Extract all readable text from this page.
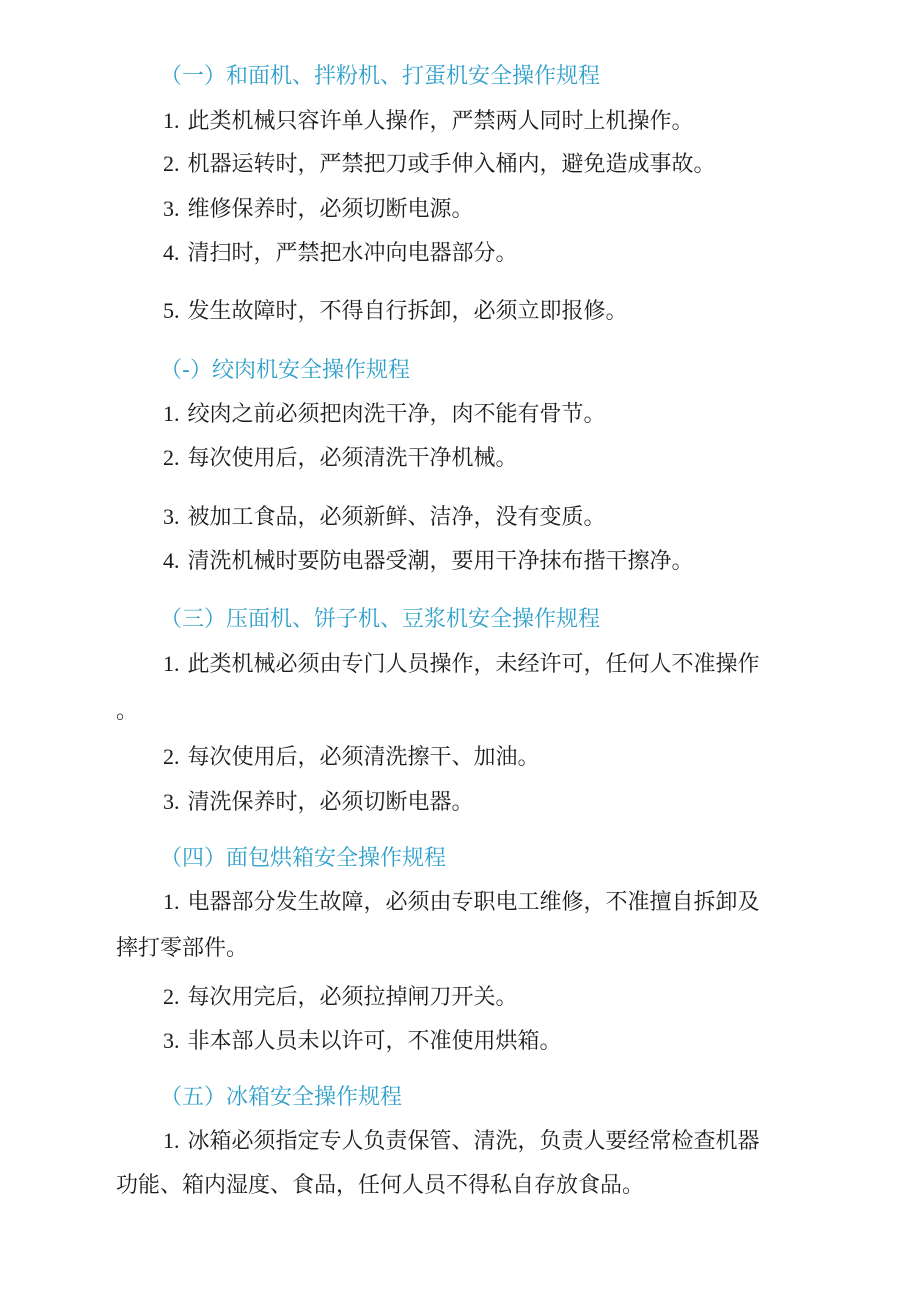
（一）和面机、拌粉机、打蛋机安全操作规程
1. 此类机械只容许单人操作，严禁两人同时上机操作。
2. 机器运转时，严禁把刀或手伸入桶内，避免造成事故。
3. 维修保养时，必须切断电源。
4. 清扫时，严禁把水冲向电器部分。
5. 发生故障时，不得自行拆卸，必须立即报修。
（-）绞肉机安全操作规程
1. 绞肉之前必须把肉洗干净，肉不能有骨节。
2. 每次使用后，必须清洗干净机械。
3. 被加工食品，必须新鲜、洁净，没有变质。
4. 清洗机械时要防电器受潮，要用干净抹布揩干擦净。
（三）压面机、饼子机、豆浆机安全操作规程
1. 此类机械必须由专门人员操作，未经许可，任何人不准操作
。
2. 每次使用后，必须清洗擦干、加油。
3. 清洗保养时，必须切断电器。
（四）面包烘箱安全操作规程
1. 电器部分发生故障，必须由专职电工维修，不准擅自拆卸及
摔打零部件。
2. 每次用完后，必须拉掉闸刀开关。
3. 非本部人员未以许可，不准使用烘箱。
（五）冰箱安全操作规程
1. 冰箱必须指定专人负责保管、清洗，负责人要经常检查机器
功能、箱内湿度、食品，任何人员不得私自存放食品。
